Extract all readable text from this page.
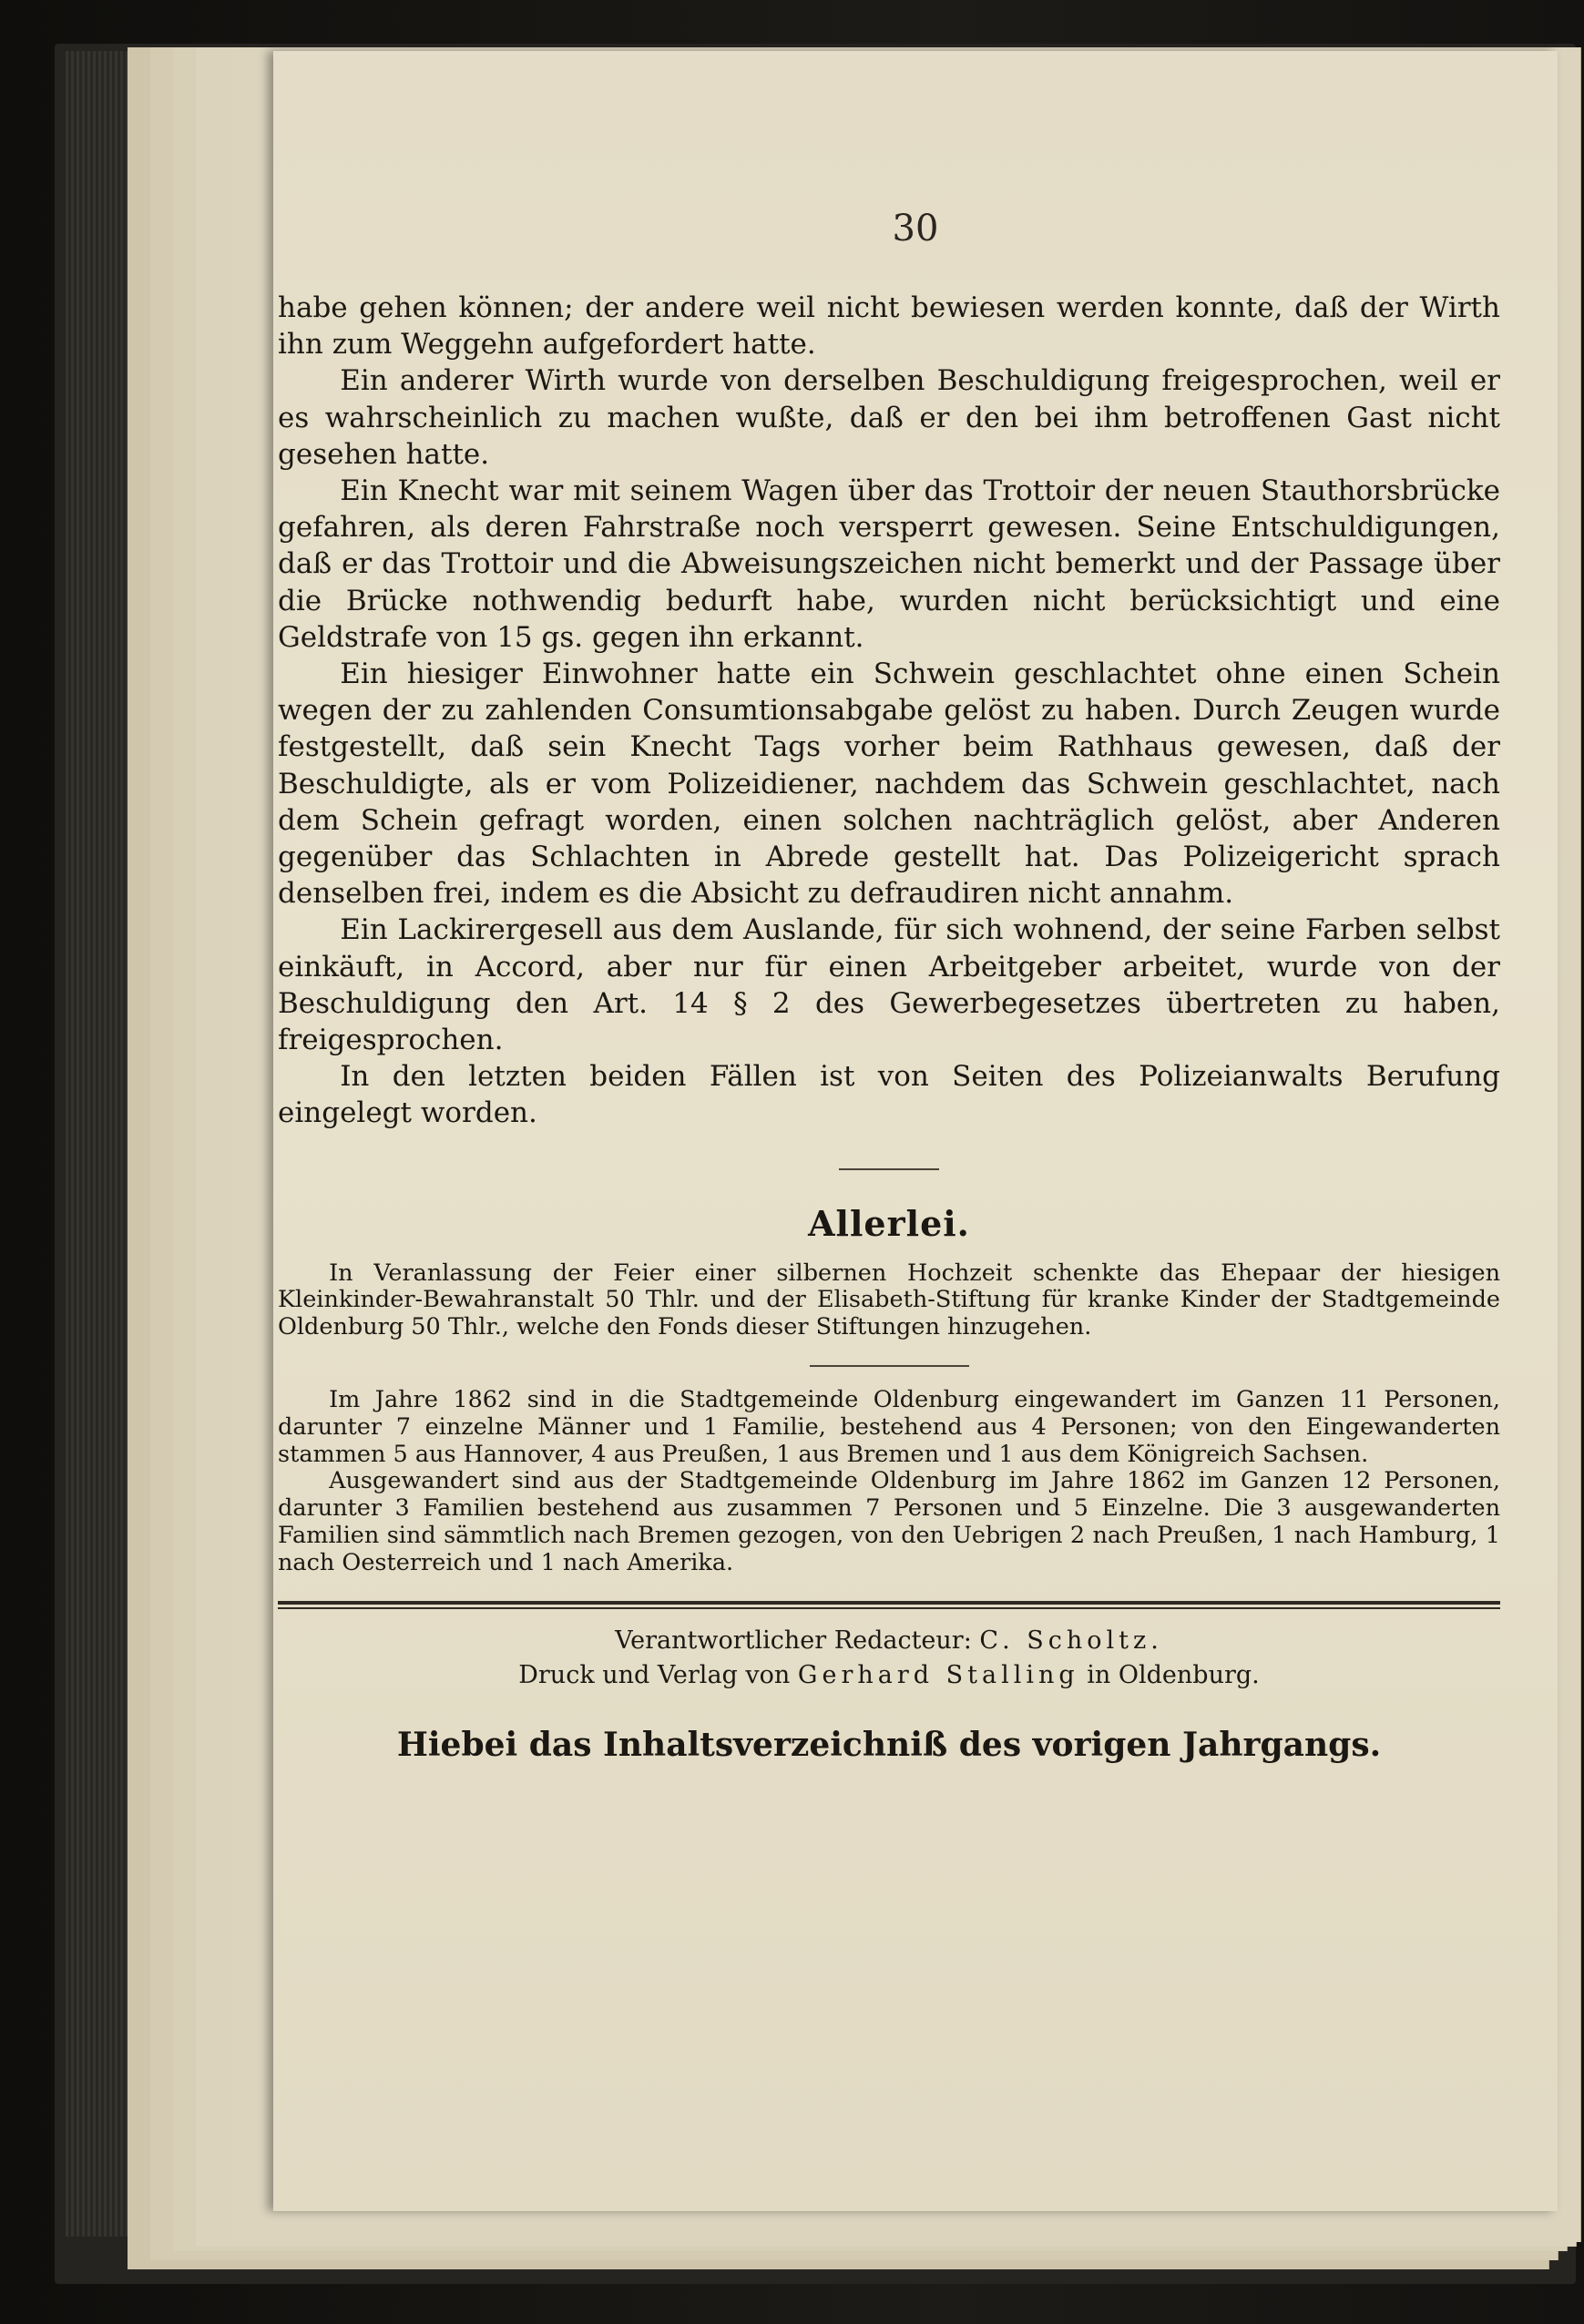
30

habe gehen können; der andere weil nicht bewiesen werden konnte, daß der Wirth ihn zum Weggehn aufgefordert hatte.

Ein anderer Wirth wurde von derselben Beschuldigung freigesprochen, weil er es wahrscheinlich zu machen wußte, daß er den bei ihm betroffenen Gast nicht gesehen hatte.

Ein Knecht war mit seinem Wagen über das Trottoir der neuen Stauthorsbrücke gefahren, als deren Fahrstraße noch versperrt gewesen. Seine Entschuldigungen, daß er das Trottoir und die Abweisungszeichen nicht bemerkt und der Passage über die Brücke nothwendig bedurft habe, wurden nicht berücksichtigt und eine Geldstrafe von 15 gs. gegen ihn erkannt.

Ein hiesiger Einwohner hatte ein Schwein geschlachtet ohne einen Schein wegen der zu zahlenden Consumtionsabgabe gelöst zu haben. Durch Zeugen wurde festgestellt, daß sein Knecht Tags vorher beim Rathhaus gewesen, daß der Beschuldigte, als er vom Polizeidiener, nachdem das Schwein geschlachtet, nach dem Schein gefragt worden, einen solchen nachträglich gelöst, aber Anderen gegenüber das Schlachten in Abrede gestellt hat. Das Polizeigericht sprach denselben frei, indem es die Absicht zu defraudiren nicht annahm.

Ein Lackirergesell aus dem Auslande, für sich wohnend, der seine Farben selbst einkäuft, in Accord, aber nur für einen Arbeitgeber arbeitet, wurde von der Beschuldigung den Art. 14 § 2 des Gewerbegesetzes übertreten zu haben, freigesprochen.

In den letzten beiden Fällen ist von Seiten des Polizeianwalts Berufung eingelegt worden.

Allerlei.

In Veranlassung der Feier einer silbernen Hochzeit schenkte das Ehepaar der hiesigen Kleinkinder-Bewahranstalt 50 Thlr. und der Elisabeth-Stiftung für kranke Kinder der Stadtgemeinde Oldenburg 50 Thlr., welche den Fonds dieser Stiftungen hinzugehen.

Im Jahre 1862 sind in die Stadtgemeinde Oldenburg eingewandert im Ganzen 11 Personen, darunter 7 einzelne Männer und 1 Familie, bestehend aus 4 Personen; von den Eingewanderten stammen 5 aus Hannover, 4 aus Preußen, 1 aus Bremen und 1 aus dem Königreich Sachsen.

Ausgewandert sind aus der Stadtgemeinde Oldenburg im Jahre 1862 im Ganzen 12 Personen, darunter 3 Familien bestehend aus zusammen 7 Personen und 5 Einzelne. Die 3 ausgewanderten Familien sind sämmtlich nach Bremen gezogen, von den Uebrigen 2 nach Preußen, 1 nach Hamburg, 1 nach Oesterreich und 1 nach Amerika.

Verantwortlicher Redacteur: C. Scholtz.
Druck und Verlag von Gerhard Stalling in Oldenburg.
Hiebei das Inhaltsverzeichniß des vorigen Jahrgangs.
